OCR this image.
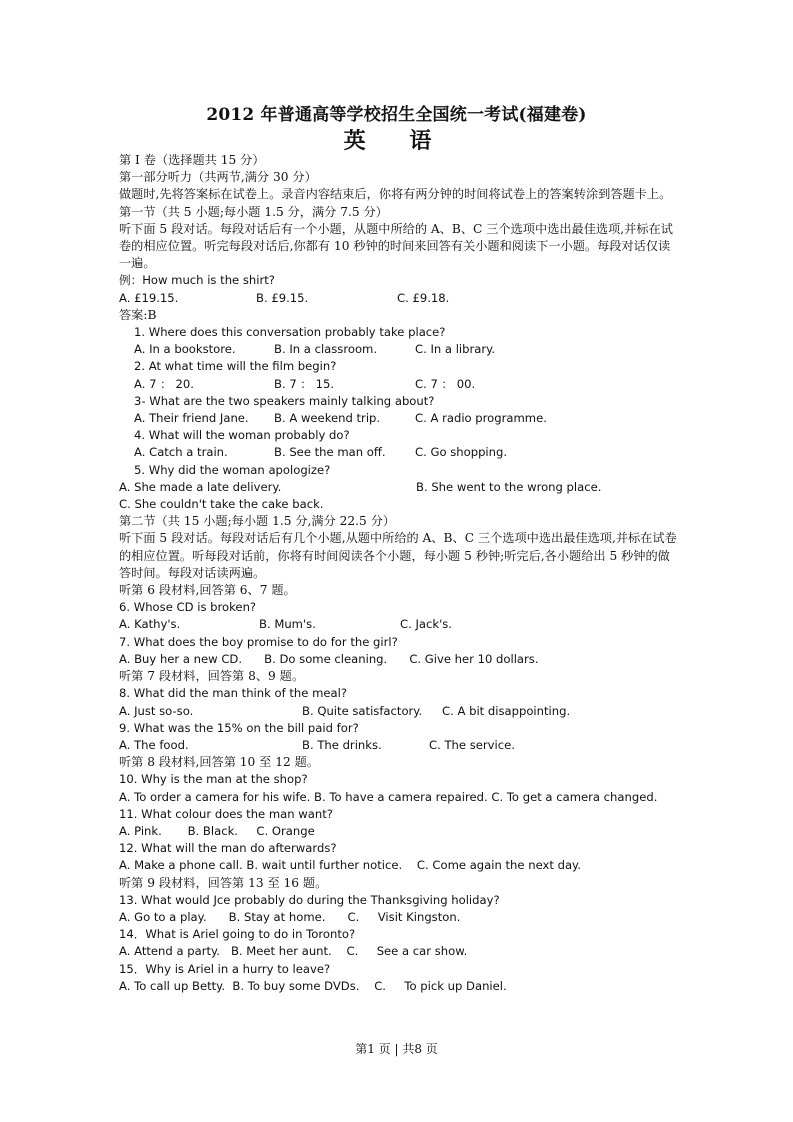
2012 年普通高等学校招生全国统一考试(福建卷)
英 语
第 I 卷（选择题共 15 分）
第一部分听力（共两节,满分 30 分）
做题时,先将答案标在试卷上。录音内容结束后，你将有两分钟的时间将试卷上的答案转涂到答题卡上。
第一节（共 5 小题;每小题 1.5 分，满分 7.5 分）
听下面 5 段对话。每段对话后有一个小题，从题中所给的 A、B、C 三个选项中选出最佳选项,并标在试卷的相应位置。听完每段对话后,你都有 10 秒钟的时间来回答有关小题和阅读下一小题。每段对话仅读一遍。
例：How much is the shirt?
A. £19.15.	B. £9.15.	C. £9.18.
答案:B
1. Where does this conversation probably take place?
A. In a bookstore.	B. In a classroom.	C. In a library.
2. At what time will the film begin?
A. 7 ： 20.	B. 7 ： 15.	C. 7 ： 00.
3- What are the two speakers mainly talking about?
A. Their friend Jane.	B. A weekend trip.	C. A radio programme.
4. What will the woman probably do?
A. Catch a train.	B. See the man off.	C. Go shopping.
5. Why did the woman apologize?
A. She made a late delivery.	B. She went to the wrong place.
C. She couldn't take the cake back.
第二节（共 15 小题;每小题 1.5 分,满分 22.5 分）
听下面 5 段对话。每段对话后有几个小题,从题中所给的 A、B、C 三个选项中选出最佳选项,并标在试卷的相应位置。听每段对话前，你将有时间阅读各个小题，每小题 5 秒钟;听完后,各小题给出 5 秒钟的做答时间。每段对话读两遍。
听第 6 段材料,回答第 6、7 题。
6. Whose CD is broken?
A. Kathy's.	B. Mum's.	C. Jack's.
7. What does the boy promise to do for the girl?
A. Buy her a new CD.      B. Do some cleaning.      C. Give her 10 dollars.
听第 7 段材料，回答第 8、9 题。
8. What did the man think of the meal?
A. Just so-so.	B. Quite satisfactory.	C. A bit disappointing.
9. What was the 15% on the bill paid for?
A. The food.	B. The drinks.	C. The service.
听第 8 段材料,回答第 10 至 12 题。
10. Why is the man at the shop?
A. To order a camera for his wife. B. To have a camera repaired. C. To get a camera changed.
11. What colour does the man want?
A. Pink.       B. Black.     C. Orange
12. What will the man do afterwards?
A. Make a phone call. B. wait until further notice.    C. Come again the next day.
听第 9 段材料，回答第 13 至 16 题。
13. What would Jce probably do during the Thanksgiving holiday?
A. Go to a play.      B. Stay at home.      C.     Visit Kingston.
14．What is Ariel going to do in Toronto?
A. Attend a party.   B. Meet her aunt.    C.     See a car show.
15．Why is Ariel in a hurry to leave?
A. To call up Betty.  B. To buy some DVDs.    C.     To pick up Daniel.
第1 页 | 共8 页
